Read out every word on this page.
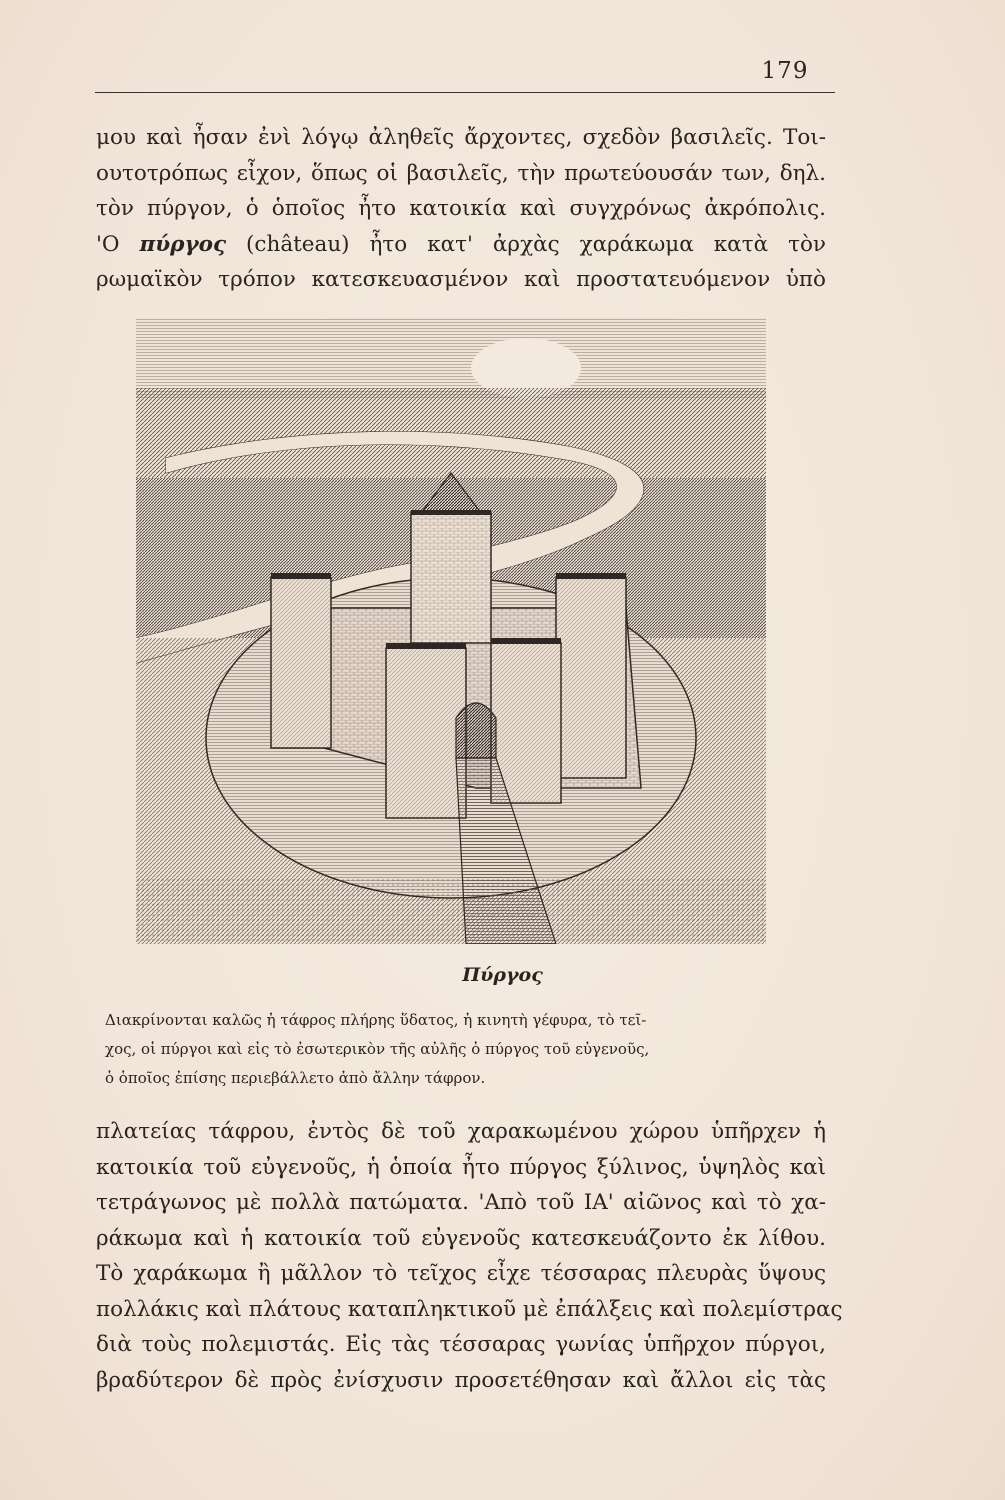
179
μου καὶ ἦσαν ἐνὶ λόγῳ ἀληθεῖς ἄρχοντες, σχεδὸν βασιλεῖς. Τοι-
ουτοτρόπως εἶχον, ὅπως οἱ βασιλεῖς, τὴν πρωτεύουσάν των, δηλ.
τὸν πύργον, ὁ ὁποῖος ἦτο κατοικία καὶ συγχρόνως ἀκρόπολις.
'Ο πύργος (château) ἦτο κατ' ἀρχὰς χαράκωμα κατὰ τὸν
ρωμαϊκὸν τρόπον κατεσκευασμένον καὶ προστατευόμενον ὑπὸ
Πύργος
Διακρίνονται καλῶς ἡ τάφρος πλήρης ὕδατος, ἡ κινητὴ γέφυρα, τὸ τεῖ-
χος, οἱ πύργοι καὶ εἰς τὸ ἐσωτερικὸν τῆς αὐλῆς ὁ πύργος τοῦ εὐγενοῦς,
ὁ ὁποῖος ἐπίσης περιεβάλλετο ἀπὸ ἄλλην τάφρον.
πλατείας τάφρου, ἐντὸς δὲ τοῦ χαρακωμένου χώρου ὑπῆρχεν ἡ
κατοικία τοῦ εὐγενοῦς, ἡ ὁποία ἦτο πύργος ξύλινος, ὑψηλὸς καὶ
τετράγωνος μὲ πολλὰ πατώματα. 'Απὸ τοῦ ΙΑ' αἰῶνος καὶ τὸ χα-
ράκωμα καὶ ἡ κατοικία τοῦ εὐγενοῦς κατεσκευάζοντο ἐκ λίθου.
Τὸ χαράκωμα ἢ μᾶλλον τὸ τεῖχος εἶχε τέσσαρας πλευρὰς ὕψους
πολλάκις καὶ πλάτους καταπληκτικοῦ μὲ ἐπάλξεις καὶ πολεμίστρας
διὰ τοὺς πολεμιστάς. Εἰς τὰς τέσσαρας γωνίας ὑπῆρχον πύργοι,
βραδύτερον δὲ πρὸς ἐνίσχυσιν προσετέθησαν καὶ ἄλλοι εἰς τὰς
